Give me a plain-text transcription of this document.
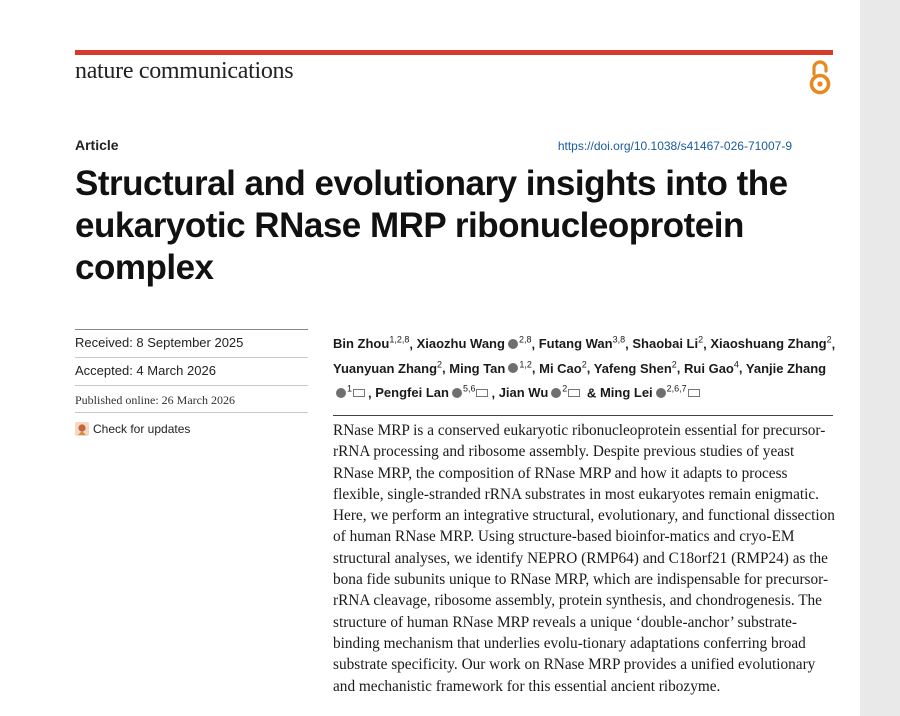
nature communications
Article	https://doi.org/10.1038/s41467-026-71007-9
Structural and evolutionary insights into the eukaryotic RNase MRP ribonucleoprotein complex
Received: 8 September 2025
Accepted: 4 March 2026
Published online: 26 March 2026
Check for updates
Bin Zhou$^{1,2,8}$, Xiaozhu Wang $^{2,8}$, Futang Wan$^{3,8}$, Shaobai Li$^2$, Xiaoshuang Zhang$^2$, Yuanyuan Zhang$^2$, Ming Tan $^{1,2}$, Mi Cao$^2$, Yafeng Shen$^2$, Rui Gao$^4$, Yanjie Zhang$^1$ , Pengfei Lan $^{5,6}$ , Jian Wu $^2$ & Ming Lei $^{2,6,7}$

RNase MRP is a conserved eukaryotic ribonucleoprotein essential for precursor-rRNA processing and ribosome assembly. Despite previous studies of yeast RNase MRP, the composition of RNase MRP and how it adapts to process flexible, single-stranded rRNA substrates in most eukaryotes remain enigmatic. Here, we perform an integrative structural, evolutionary, and functional dissection of human RNase MRP. Using structure-based bioinfor-matics and cryo-EM structural analyses, we identify NEPRO (RMP64) and C18orf21 (RMP24) as the bona fide subunits unique to RNase MRP, which are indispensable for precursor-rRNA cleavage, ribosome assembly, protein synthesis, and chondrogenesis. The structure of human RNase MRP reveals a unique ‘double-anchor’ substrate-binding mechanism that underlies evolu-tionary adaptations conferring broad substrate specificity. Our work on RNase MRP provides a unified evolutionary and mechanistic framework for this essential ancient ribozyme.
